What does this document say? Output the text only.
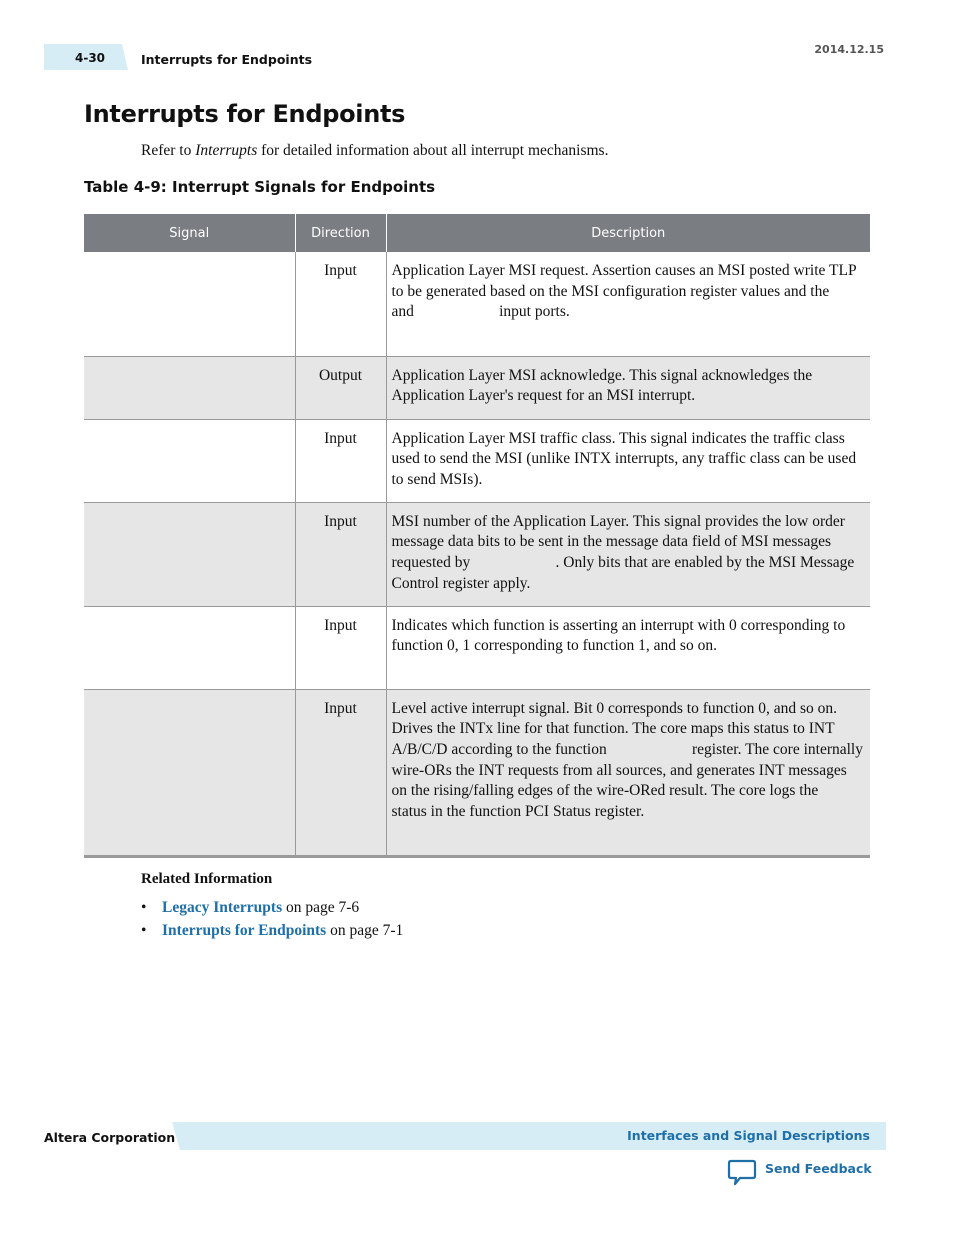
4-30	Interrupts for Endpoints
2014.12.15
Interrupts for Endpoints
Refer to Interrupts for detailed information about all interrupt mechanisms.
Table 4-9: Interrupt Signals for Endpoints
Signal	Direction	Description
	Input	Application Layer MSI request. Assertion causes an MSI posted write TLP to be generated based on the MSI configuration register values and the                      and                      input ports.
	Output	Application Layer MSI acknowledge. This signal acknowledges the Application Layer's request for an MSI interrupt.
	Input	Application Layer MSI traffic class. This signal indicates the traffic class used to send the MSI (unlike INTX interrupts, any traffic class can be used to send MSIs).
	Input	MSI number of the Application Layer. This signal provides the low order message data bits to be sent in the message data field of MSI messages requested by                      . Only bits that are enabled by the MSI Message Control register apply.
	Input	Indicates which function is asserting an interrupt with 0 corresponding to function 0, 1 corresponding to function 1, and so on.
	Input	Level active interrupt signal. Bit 0 corresponds to function 0, and so on. Drives the INTx line for that function. The core maps this status to INT A/B/C/D according to the function                      register. The core internally wire-ORs the INT requests from all sources, and generates INT messages on the rising/falling edges of the wire-ORed result. The core logs the                      status in the function PCI Status register.
Related Information
• Legacy Interrupts on page 7-6
• Interrupts for Endpoints on page 7-1
Altera Corporation	Interfaces and Signal Descriptions
Send Feedback
